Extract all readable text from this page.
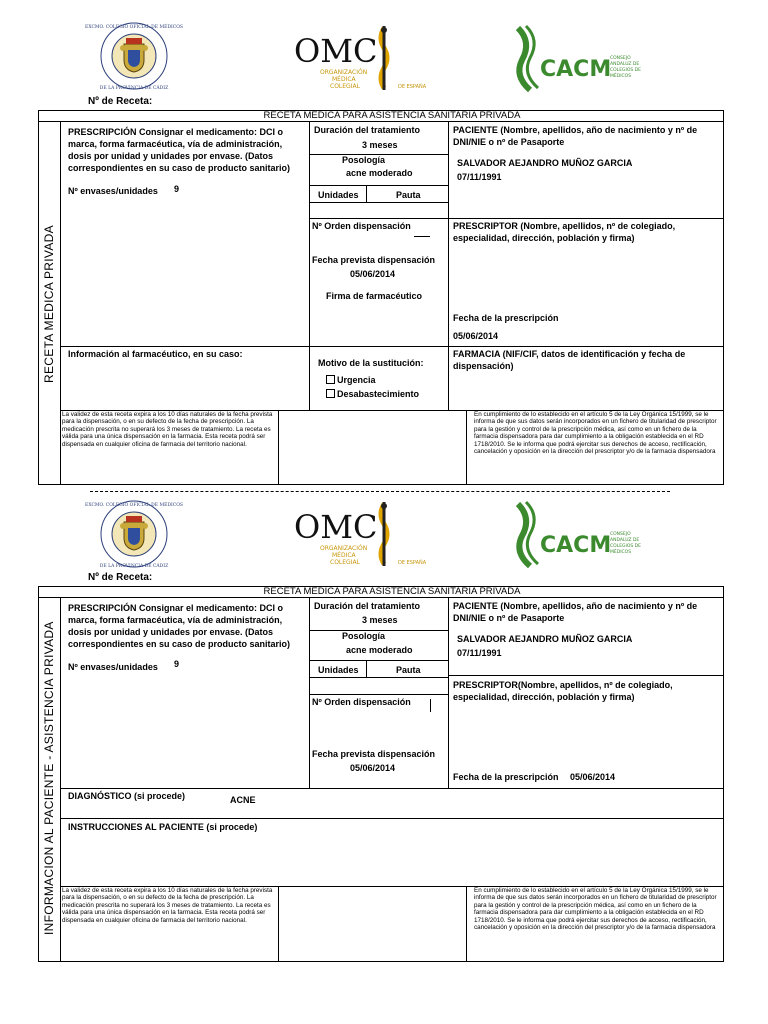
EXCMO. COLEGIO OFICIAL DE MÉDICOS
DE LA PROVINCIA DE CÁDIZ
OMC
ORGANIZACIÓN
MÉDICA
COLEGIAL	DE ESPAÑA
CACM
CONSEJO
ANDALUZ DE
COLEGIOS DE
MÉDICOS
Nº de Receta:
RECETA MEDICA PARA ASISTENCIA SANITARIA PRIVADA
RECETA MEDICA PRIVADA
PRESCRIPCIÓN Consignar el medicamento: DCI o marca, forma farmacéutica, vía de administración, dosis por unidad y unidades por envase. (Datos correspondientes en su caso de producto sanitario)
Nº envases/unidades 9
Duración del tratamiento
3 meses
Posología
acne moderado
Unidades	Pauta
PACIENTE (Nombre, apellidos, año de nacimiento y nº de DNI/NIE o nº de Pasaporte
SALVADOR AEJANDRO MUÑOZ GARCIA
07/11/1991
Nº Orden dispensación
Fecha prevista dispensación
05/06/2014
Firma de farmacéutico
PRESCRIPTOR (Nombre, apellidos, nº de colegiado, especialidad, dirección, población y firma)
Fecha de la prescripción
05/06/2014
Información al farmacéutico, en su caso:
Motivo de la sustitución:
Urgencia
Desabastecimiento
FARMACIA (NIF/CIF, datos de identificación y fecha de dispensación)
La validez de esta receta expira a los 10 días naturales de la fecha prevista para la dispensación, o en su defecto de la fecha de prescripción. La medicación prescrita no superará los 3 meses de tratamiento. La receta es válida para una única dispensación en la farmacia. Esta receta podrá ser dispensada en cualquier oficina de farmacia del territorio nacional.
En cumplimiento de lo establecido en el artículo 5 de la Ley Orgánica 15/1999, se le informa de que sus datos serán incorporados en un fichero de titularidad de prescriptor para la gestión y control de la prescripción médica, así como en un fichero de la farmacia dispensadora para dar cumplimiento a la obligación establecida en el RD 1718/2010. Se le informa que podrá ejercitar sus derechos de acceso, rectificación, cancelación y oposición en la dirección del prescriptor y/o de la farmacia dispensadora
EXCMO. COLEGIO OFICIAL DE MÉDICOS
DE LA PROVINCIA DE CÁDIZ
OMC
ORGANIZACIÓN
MÉDICA
COLEGIAL	DE ESPAÑA
CACM
CONSEJO
ANDALUZ DE
COLEGIOS DE
MÉDICOS
Nº de Receta:
RECETA MEDICA PARA ASISTENCIA SANITARIA PRIVADA
INFORMACION AL PACIENTE - ASISTENCIA PRIVADA
PRESCRIPCIÓN Consignar el medicamento: DCI o marca, forma farmacéutica, vía de administración, dosis por unidad y unidades por envase. (Datos correspondientes en su caso de producto sanitario)
Nº envases/unidades 9
Duración del tratamiento
3 meses
Posología
acne moderado
Unidades	Pauta
PACIENTE (Nombre, apellidos, año de nacimiento y nº de DNI/NIE o nº de Pasaporte
SALVADOR AEJANDRO MUÑOZ GARCIA
07/11/1991
Nº Orden dispensación
Fecha prevista dispensación
05/06/2014
PRESCRIPTOR(Nombre, apellidos, nº de colegiado, especialidad, dirección, población y firma)
Fecha de la prescripción 05/06/2014
DIAGNÓSTICO (si procede)	ACNE
INSTRUCCIONES AL PACIENTE (si procede)
La validez de esta receta expira a los 10 días naturales de la fecha prevista para la dispensación, o en su defecto de la fecha de prescripción. La medicación prescrita no superará los 3 meses de tratamiento. La receta es válida para una única dispensación en la farmacia. Esta receta podrá ser dispensada en cualquier oficina de farmacia del territorio nacional.
En cumplimiento de lo establecido en el artículo 5 de la Ley Orgánica 15/1999, se le informa de que sus datos serán incorporados en un fichero de titularidad de prescriptor para la gestión y control de la prescripción médica, así como en un fichero de la farmacia dispensadora para dar cumplimiento a la obligación establecida en el RD 1718/2010. Se le informa que podrá ejercitar sus derechos de acceso, rectificación, cancelación y oposición en la dirección del prescriptor y/o de la farmacia dispensadora
